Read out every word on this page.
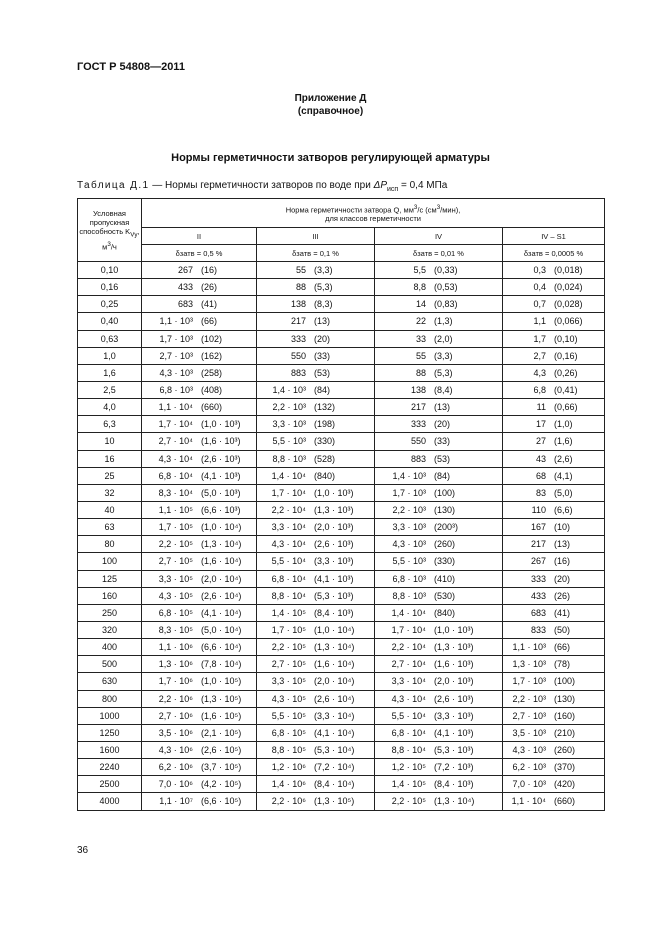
ГОСТ Р 54808—2011
Приложение Д
(справочное)
Нормы герметичности затворов регулирующей арматуры
Таблица Д.1 — Нормы герметичности затворов по воде при $\Delta P_{исп} = 0,4$ МПа
Условная пропускная способность $K_{Vу}$, $м^3/ч$	Норма герметичности затвора Q, $мм^3/с$ $(см^3/мин)$,
для классов герметичности			
	II	III	IV	IV – S1
	δзатв = 0,5 %	δзатв = 0,1 %	δзатв = 0,01 %	δзатв = 0,0005 %
0,10	267 (16)	55 (3,3)	5,5 (0,33)	0,3 (0,018)
0,16	433 (26)	88 (5,3)	8,8 (0,53)	0,4 (0,024)
0,25	683 (41)	138 (8,3)	14 (0,83)	0,7 (0,028)
0,40	1,1 · 10³ (66)	217 (13)	22 (1,3)	1,1 (0,066)
0,63	1,7 · 10³ (102)	333 (20)	33 (2,0)	1,7 (0,10)
1,0	2,7 · 10³ (162)	550 (33)	55 (3,3)	2,7 (0,16)
1,6	4,3 · 10³ (258)	883 (53)	88 (5,3)	4,3 (0,26)
2,5	6,8 · 10³ (408)	1,4 · 10³ (84)	138 (8,4)	6,8 (0,41)
4,0	1,1 · 10⁴ (660)	2,2 · 10³ (132)	217 (13)	11 (0,66)
6,3	1,7 · 10⁴ (1,0 · 10³)	3,3 · 10³ (198)	333 (20)	17 (1,0)
10	2,7 · 10⁴ (1,6 · 10³)	5,5 · 10³ (330)	550 (33)	27 (1,6)
16	4,3 · 10⁴ (2,6 · 10³)	8,8 · 10³ (528)	883 (53)	43 (2,6)
25	6,8 · 10⁴ (4,1 · 10³)	1,4 · 10⁴ (840)	1,4 · 10³ (84)	68 (4,1)
32	8,3 · 10⁴ (5,0 · 10³)	1,7 · 10⁴ (1,0 · 10³)	1,7 · 10³ (100)	83 (5,0)
40	1,1 · 10⁵ (6,6 · 10³)	2,2 · 10⁴ (1,3 · 10³)	2,2 · 10³ (130)	110 (6,6)
63	1,7 · 10⁵ (1,0 · 10⁴)	3,3 · 10⁴ (2,0 · 10³)	3,3 · 10³ (200³)	167 (10)
80	2,2 · 10⁵ (1,3 · 10⁴)	4,3 · 10⁴ (2,6 · 10³)	4,3 · 10³ (260)	217 (13)
100	2,7 · 10⁵ (1,6 · 10⁴)	5,5 · 10⁴ (3,3 · 10³)	5,5 · 10³ (330)	267 (16)
125	3,3 · 10⁵ (2,0 · 10⁴)	6,8 · 10⁴ (4,1 · 10³)	6,8 · 10³ (410)	333 (20)
160	4,3 · 10⁵ (2,6 · 10⁴)	8,8 · 10⁴ (5,3 · 10³)	8,8 · 10³ (530)	433 (26)
250	6,8 · 10⁵ (4,1 · 10⁴)	1,4 · 10⁵ (8,4 · 10³)	1,4 · 10⁴ (840)	683 (41)
320	8,3 · 10⁵ (5,0 · 10⁴)	1,7 · 10⁵ (1,0 · 10⁴)	1,7 · 10⁴ (1,0 · 10³)	833 (50)
400	1,1 · 10⁶ (6,6 · 10⁴)	2,2 · 10⁵ (1,3 · 10⁴)	2,2 · 10⁴ (1,3 · 10³)	1,1 · 10³ (66)
500	1,3 · 10⁶ (7,8 · 10⁴)	2,7 · 10⁵ (1,6 · 10⁴)	2,7 · 10⁴ (1,6 · 10³)	1,3 · 10³ (78)
630	1,7 · 10⁶ (1,0 · 10⁵)	3,3 · 10⁵ (2,0 · 10⁴)	3,3 · 10⁴ (2,0 · 10³)	1,7 · 10³ (100)
800	2,2 · 10⁶ (1,3 · 10⁵)	4,3 · 10⁵ (2,6 · 10⁴)	4,3 · 10⁴ (2,6 · 10³)	2,2 · 10³ (130)
1000	2,7 · 10⁶ (1,6 · 10⁵)	5,5 · 10⁵ (3,3 · 10⁴)	5,5 · 10⁴ (3,3 · 10³)	2,7 · 10³ (160)
1250	3,5 · 10⁶ (2,1 · 10⁵)	6,8 · 10⁵ (4,1 · 10⁴)	6,8 · 10⁴ (4,1 · 10³)	3,5 · 10³ (210)
1600	4,3 · 10⁶ (2,6 · 10⁵)	8,8 · 10⁵ (5,3 · 10⁴)	8,8 · 10⁴ (5,3 · 10³)	4,3 · 10³ (260)
2240	6,2 · 10⁶ (3,7 · 10⁵)	1,2 · 10⁶ (7,2 · 10⁴)	1,2 · 10⁵ (7,2 · 10³)	6,2 · 10³ (370)
2500	7,0 · 10⁶ (4,2 · 10⁵)	1,4 · 10⁶ (8,4 · 10⁴)	1,4 · 10⁵ (8,4 · 10³)	7,0 · 10³ (420)
4000	1,1 · 10⁷ (6,6 · 10⁵)	2,2 · 10⁶ (1,3 · 10⁵)	2,2 · 10⁵ (1,3 · 10⁴)	1,1 · 10⁴ (660)
36
